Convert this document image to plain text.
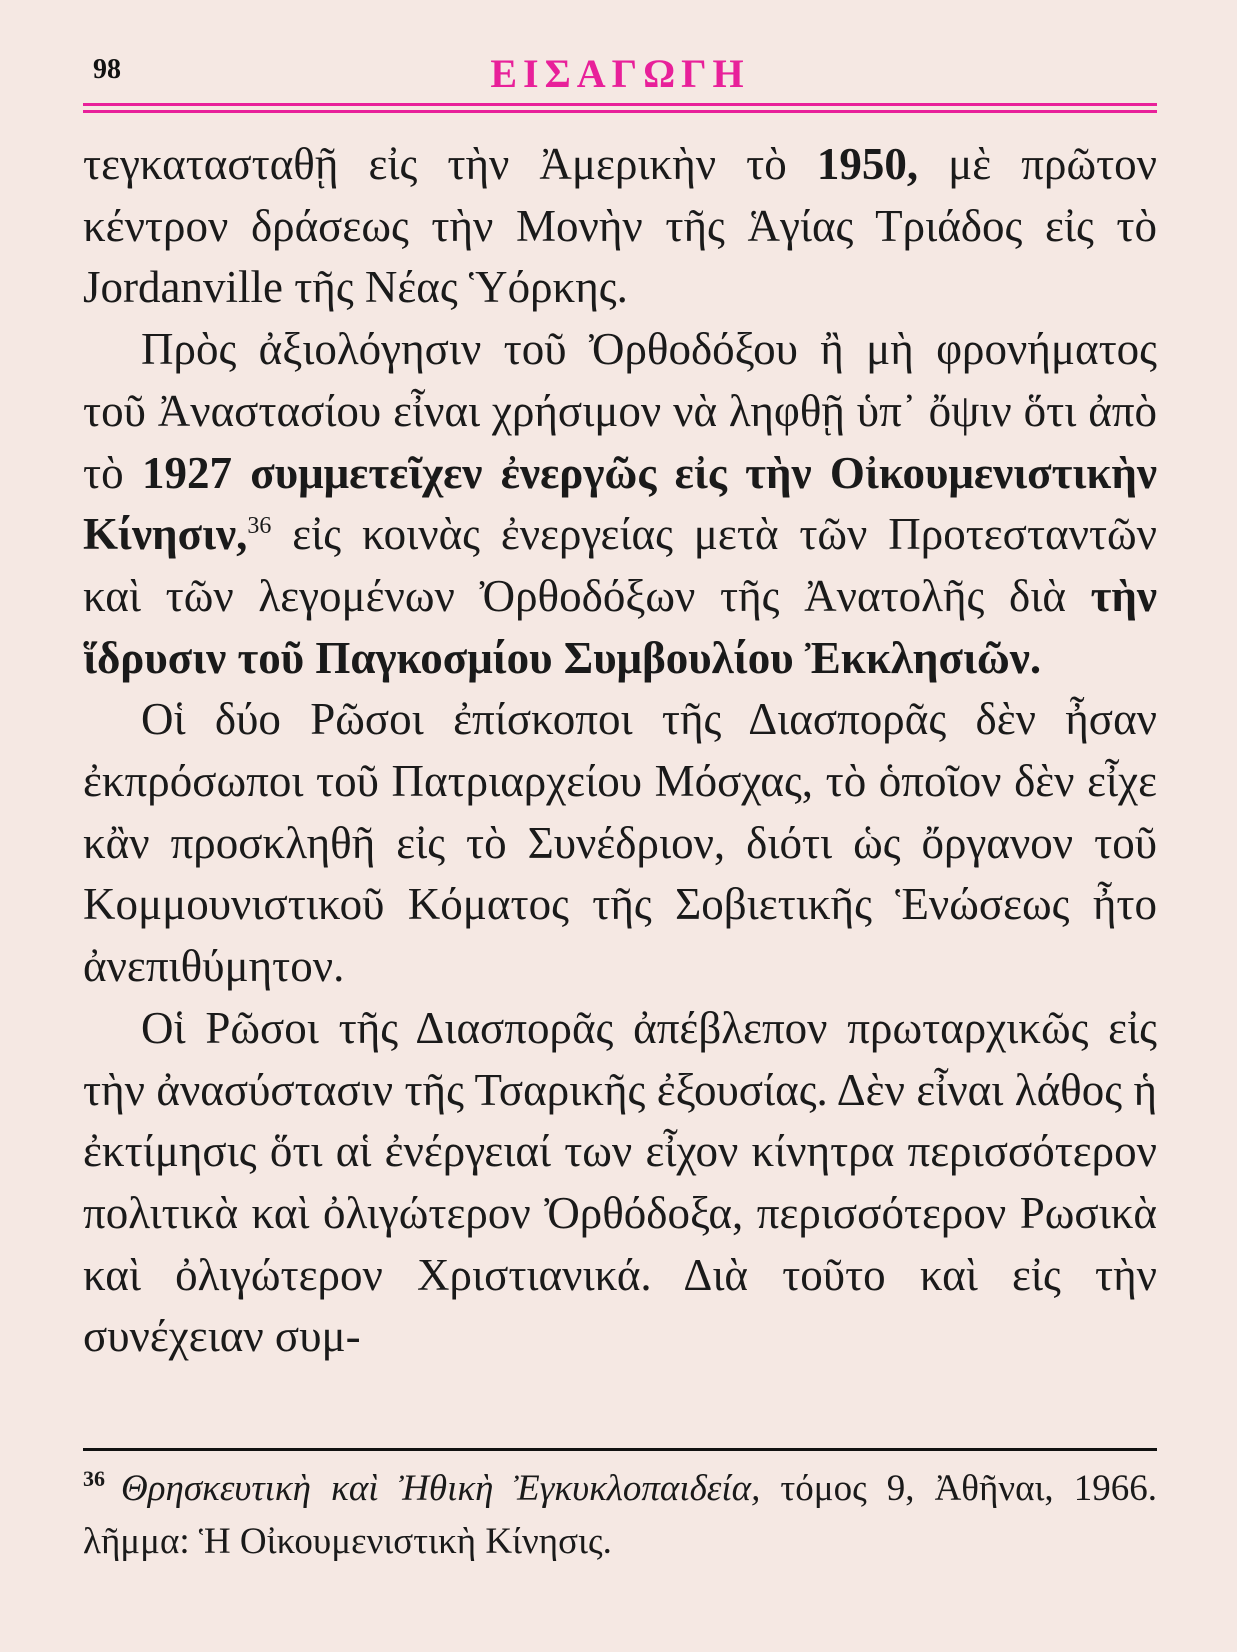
98	ΕΙΣΑΓΩΓΗ

τεγκατασταθῇ εἰς τὴν Ἀμερικὴν τὸ 1950, μὲ πρῶτον κέντρον δράσεως τὴν Μονὴν τῆς Ἁγίας Τριάδος εἰς τὸ Jordanville τῆς Νέας Ὑόρκης.

Πρὸς ἀξιολόγησιν τοῦ Ὀρθοδόξου ἢ μὴ φρονήματος τοῦ Ἀναστασίου εἶναι χρήσιμον νὰ ληφθῇ ὑπ᾽ ὄψιν ὅτι ἀπὸ τὸ 1927 συμμετεῖχεν ἐνεργῶς εἰς τὴν Οἰκουμενιστικὴν Κίνησιν,$^{36}$ εἰς κοινὰς ἐνεργείας μετὰ τῶν Προτεσταντῶν καὶ τῶν λεγομένων Ὀρθοδόξων τῆς Ἀνατολῆς διὰ τὴν ἵδρυσιν τοῦ Παγκοσμίου Συμβουλίου Ἐκκλησιῶν.

Οἱ δύο Ρῶσοι ἐπίσκοποι τῆς Διασπορᾶς δὲν ἦσαν ἐκπρόσωποι τοῦ Πατριαρχείου Μόσχας, τὸ ὁποῖον δὲν εἶχε κἂν προσκληθῆ εἰς τὸ Συνέδριον, διότι ὡς ὄργανον τοῦ Κομμουνιστικοῦ Κόματος τῆς Σοβιετικῆς Ἑνώσεως ἦτο ἀνεπιθύμητον.

Οἱ Ρῶσοι τῆς Διασπορᾶς ἀπέβλεπον πρωταρχικῶς εἰς τὴν ἀνασύστασιν τῆς Τσαρικῆς ἐξουσίας. Δὲν εἶναι λάθος ἡ ἐκτίμησις ὅτι αἱ ἐνέργειαί των εἶχον κίνητρα περισσότερον πολιτικὰ καὶ ὀλιγώτερον Ὀρθόδοξα, περισσότερον Ρωσικὰ καὶ ὀλιγώτερον Χριστιανικά. Διὰ τοῦτο καὶ εἰς τὴν συνέχειαν συμ-

$^{36}$ Θρησκευτικὴ καὶ Ἠθικὴ Ἐγκυκλοπαιδεία, τόμος 9, Ἀθῆναι, 1966. λῆμμα: Ἡ Οἰκουμενιστικὴ Κίνησις.
